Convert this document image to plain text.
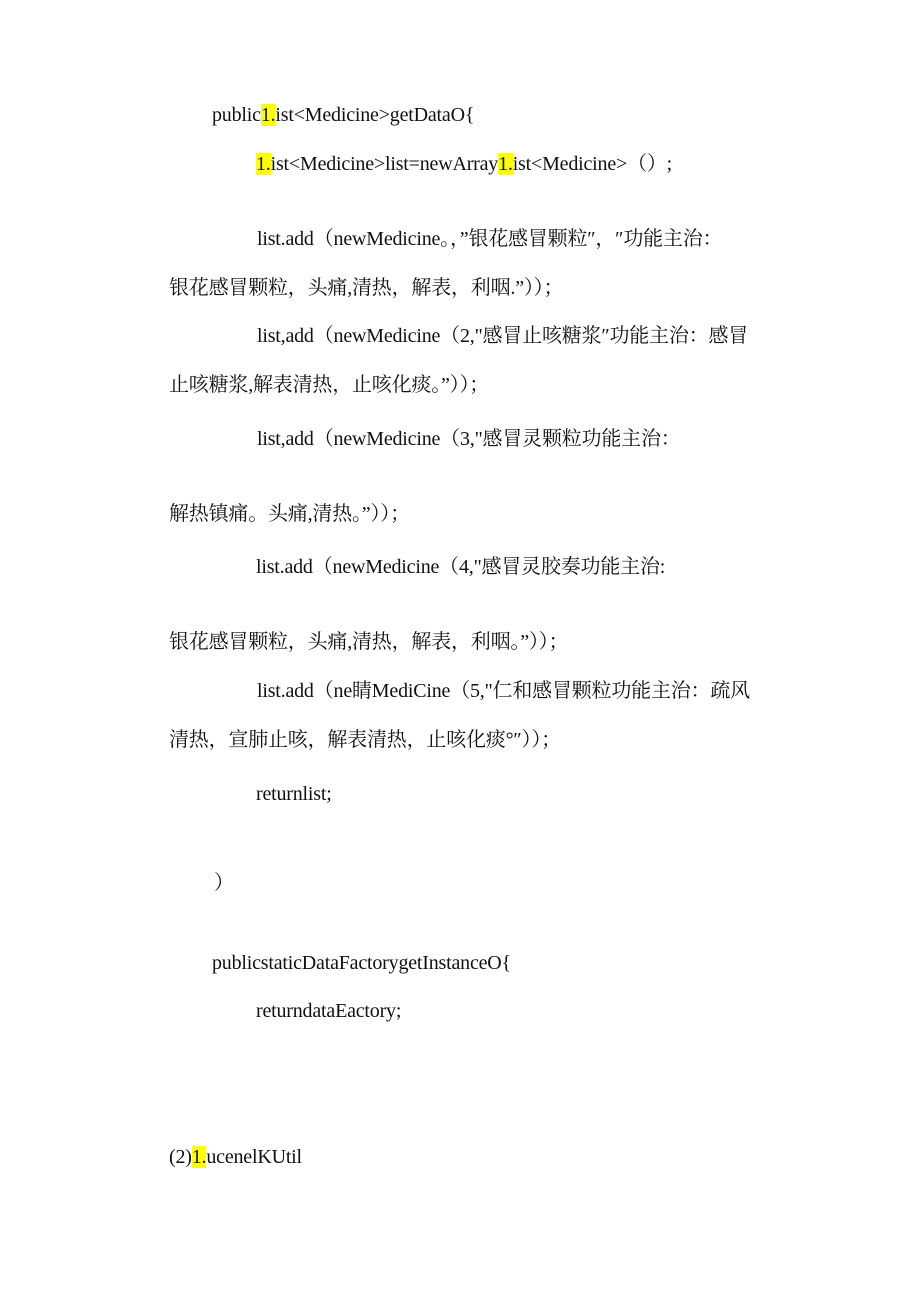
public1.ist<Medicine>getDataO{
1.ist<Medicine>list=newArray1.ist<Medicine>（）;
list.add（newMedicine。，”银花感冒颗粒″，″功能主治：
银花感冒颗粒，头痛,清热，解表，利咽.”））；
list,add（newMedicine（2,"感冒止咳糖浆″功能主治：感冒
止咳糖浆,解表清热，止咳化痰。”））；
list,add（newMedicine（3,"感冒灵颗粒功能主治：
解热镇痛。头痛,清热。”））；
list.add（newMedicine（4,"感冒灵胶奏功能主治:
银花感冒颗粒，头痛,清热，解表，利咽。”））；
list.add（ne睛MediCine（5,"仁和感冒颗粒功能主治：疏风
清热，宣肺止咳，解表清热，止咳化痰°″））；
returnlist;
）
publicstaticDataFactorygetInstanceO{
returndataEactory;
(2)1.ucenelKUtil
